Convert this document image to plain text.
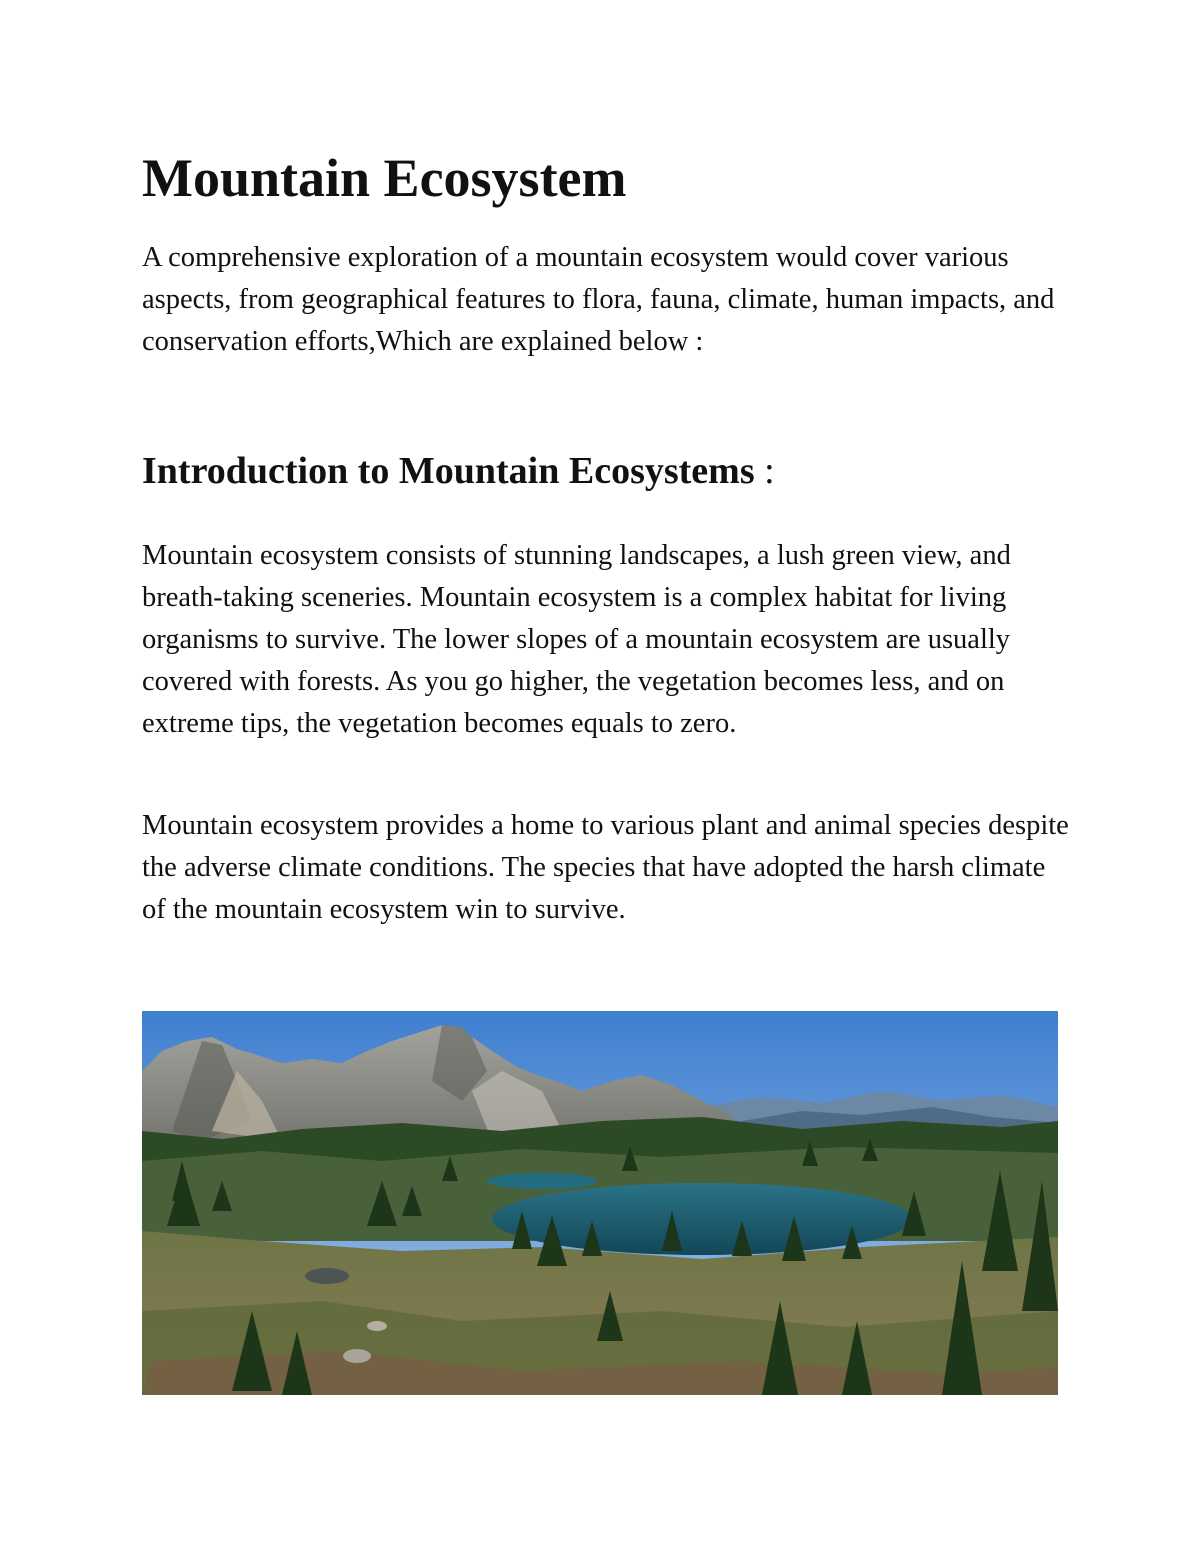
Mountain Ecosystem

A comprehensive exploration of a mountain ecosystem would cover various aspects, from geographical features to flora, fauna, climate, human impacts, and conservation efforts,Which are explained below :

Introduction to Mountain Ecosystems :

Mountain ecosystem consists of stunning landscapes, a lush green view, and breath-taking sceneries. Mountain ecosystem is a complex habitat for living organisms to survive. The lower slopes of a mountain ecosystem are usually covered with forests. As you go higher, the vegetation becomes less, and on extreme tips, the vegetation becomes equals to zero.

Mountain ecosystem provides a home to various plant and animal species despite the adverse climate conditions. The species that have adopted the harsh climate of the mountain ecosystem win to survive.
